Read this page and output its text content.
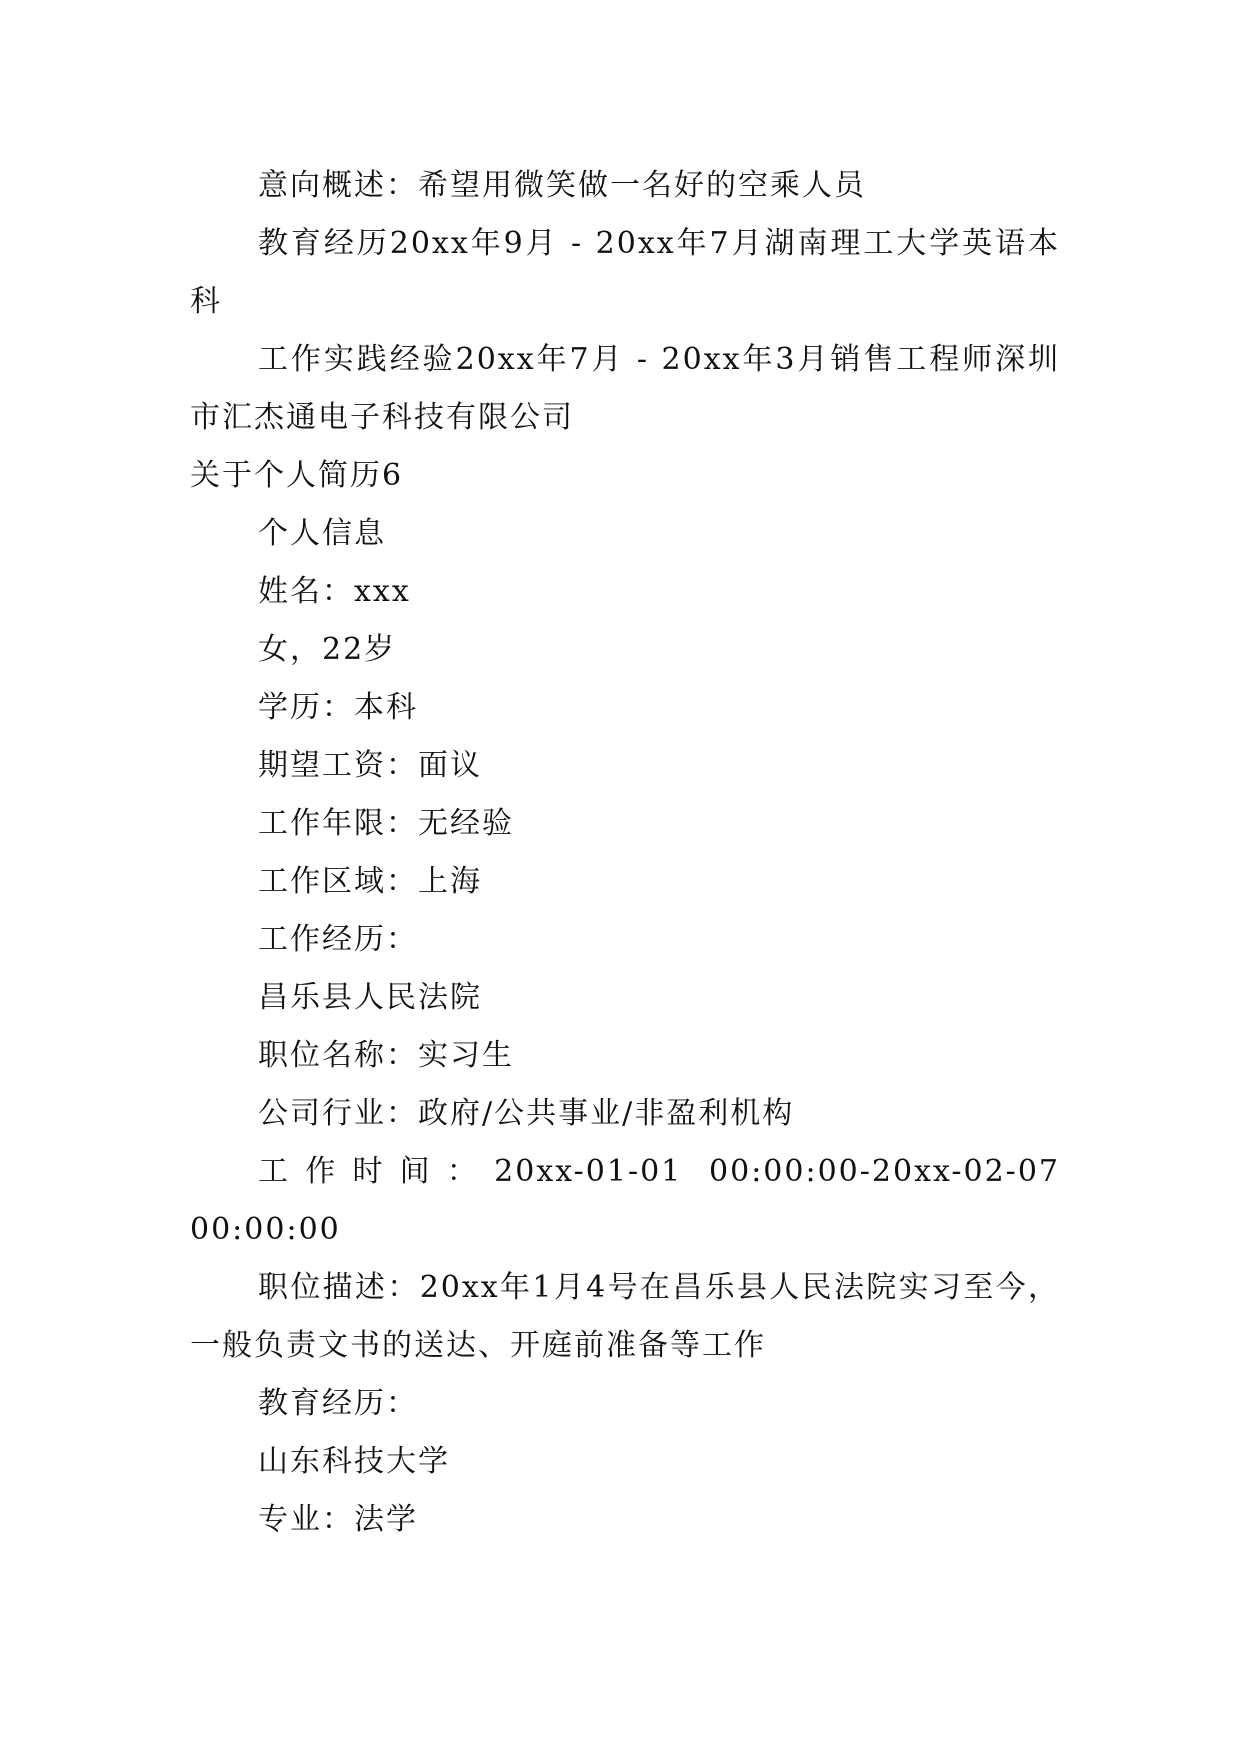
意向概述：希望用微笑做一名好的空乘人员

教育经历20xx年9月 - 20xx年7月湖南理工大学英语本科

工作实践经验20xx年7月 - 20xx年3月销售工程师深圳市汇杰通电子科技有限公司

关于个人简历6

个人信息

姓名：xxx

女，22岁

学历：本科

期望工资：面议

工作年限：无经验

工作区域：上海

工作经历：

昌乐县人民法院

职位名称：实习生

公司行业：政府/公共事业/非盈利机构

工作时间：20xx-01-01 00:00:00-20xx-02-07 00:00:00

职位描述：20xx年1月4号在昌乐县人民法院实习至今，一般负责文书的送达、开庭前准备等工作

教育经历：

山东科技大学

专业：法学
